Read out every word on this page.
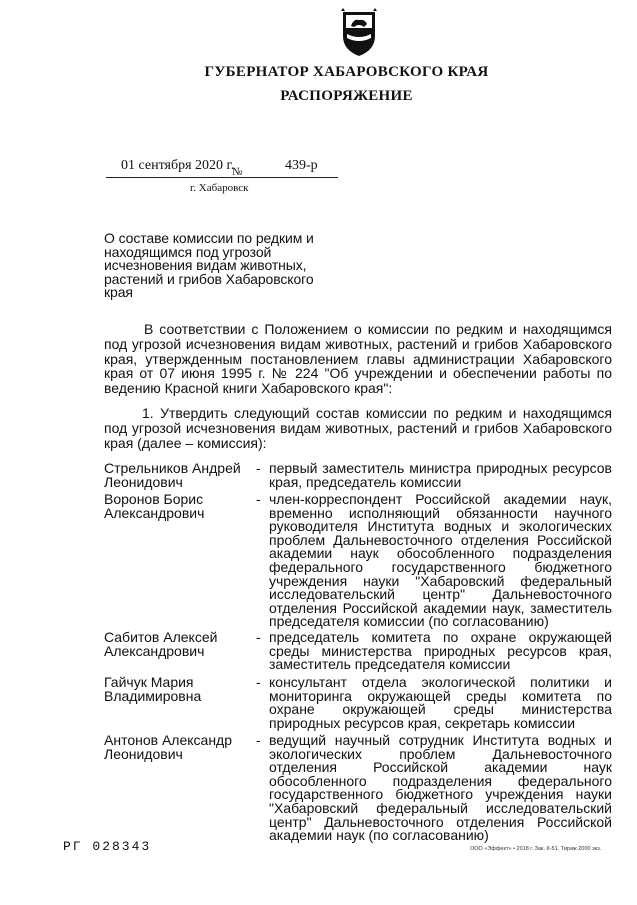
ГУБЕРНАТОР ХАБАРОВСКОГО КРАЯ
РАСПОРЯЖЕНИЕ
01 сентября 2020 г.
№	439-р
г. Хабаровск
О составе комиссии по редким и находящимся под угрозой исчезновения видам животных, растений и грибов Хабаровского края
В соответствии с Положением о комиссии по редким и находящимся под угрозой исчезновения видам животных, растений и грибов Хабаровского края, утвержденным постановлением главы администрации Хабаровского края от 07 июня 1995 г. № 224 "Об учреждении и обеспечении работы по ведению Красной книги Хабаровского края":
1. Утвердить следующий состав комиссии по редким и находящимся под угрозой исчезновения видам животных, растений и грибов Хабаровского края (далее – комиссия):
Стрельников Андрей Леонидович
- первый заместитель министра природных ресурсов края, председатель комиссии
Воронов Борис Александрович
- член-корреспондент Российской академии наук, временно исполняющий обязанности научного руководителя Института водных и экологических проблем Дальневосточного отделения Российской академии наук обособленного подразделения федерального государственного бюджетного учреждения науки "Хабаровский федеральный исследовательский центр" Дальневосточного отделения Российской академии наук, заместитель председателя комиссии (по согласованию)
Сабитов Алексей Александрович
- председатель комитета по охране окружающей среды министерства природных ресурсов края, заместитель председателя комиссии
Гайчук Мария Владимировна
- консультант отдела экологической политики и мониторинга окружающей среды комитета по охране окружающей среды министерства природных ресурсов края, секретарь комиссии
Антонов Александр Леонидович
- ведущий научный сотрудник Института водных и экологических проблем Дальневосточного отделения Российской академии наук обособленного подразделения федерального государственного бюджетного учреждения науки "Хабаровский федеральный исследовательский центр" Дальневосточного отделения Российской академии наук (по согласованию)
РГ 028343	ООО «Эффект» • 2018 г. Зак. К-51. Тираж 2000 экз.
